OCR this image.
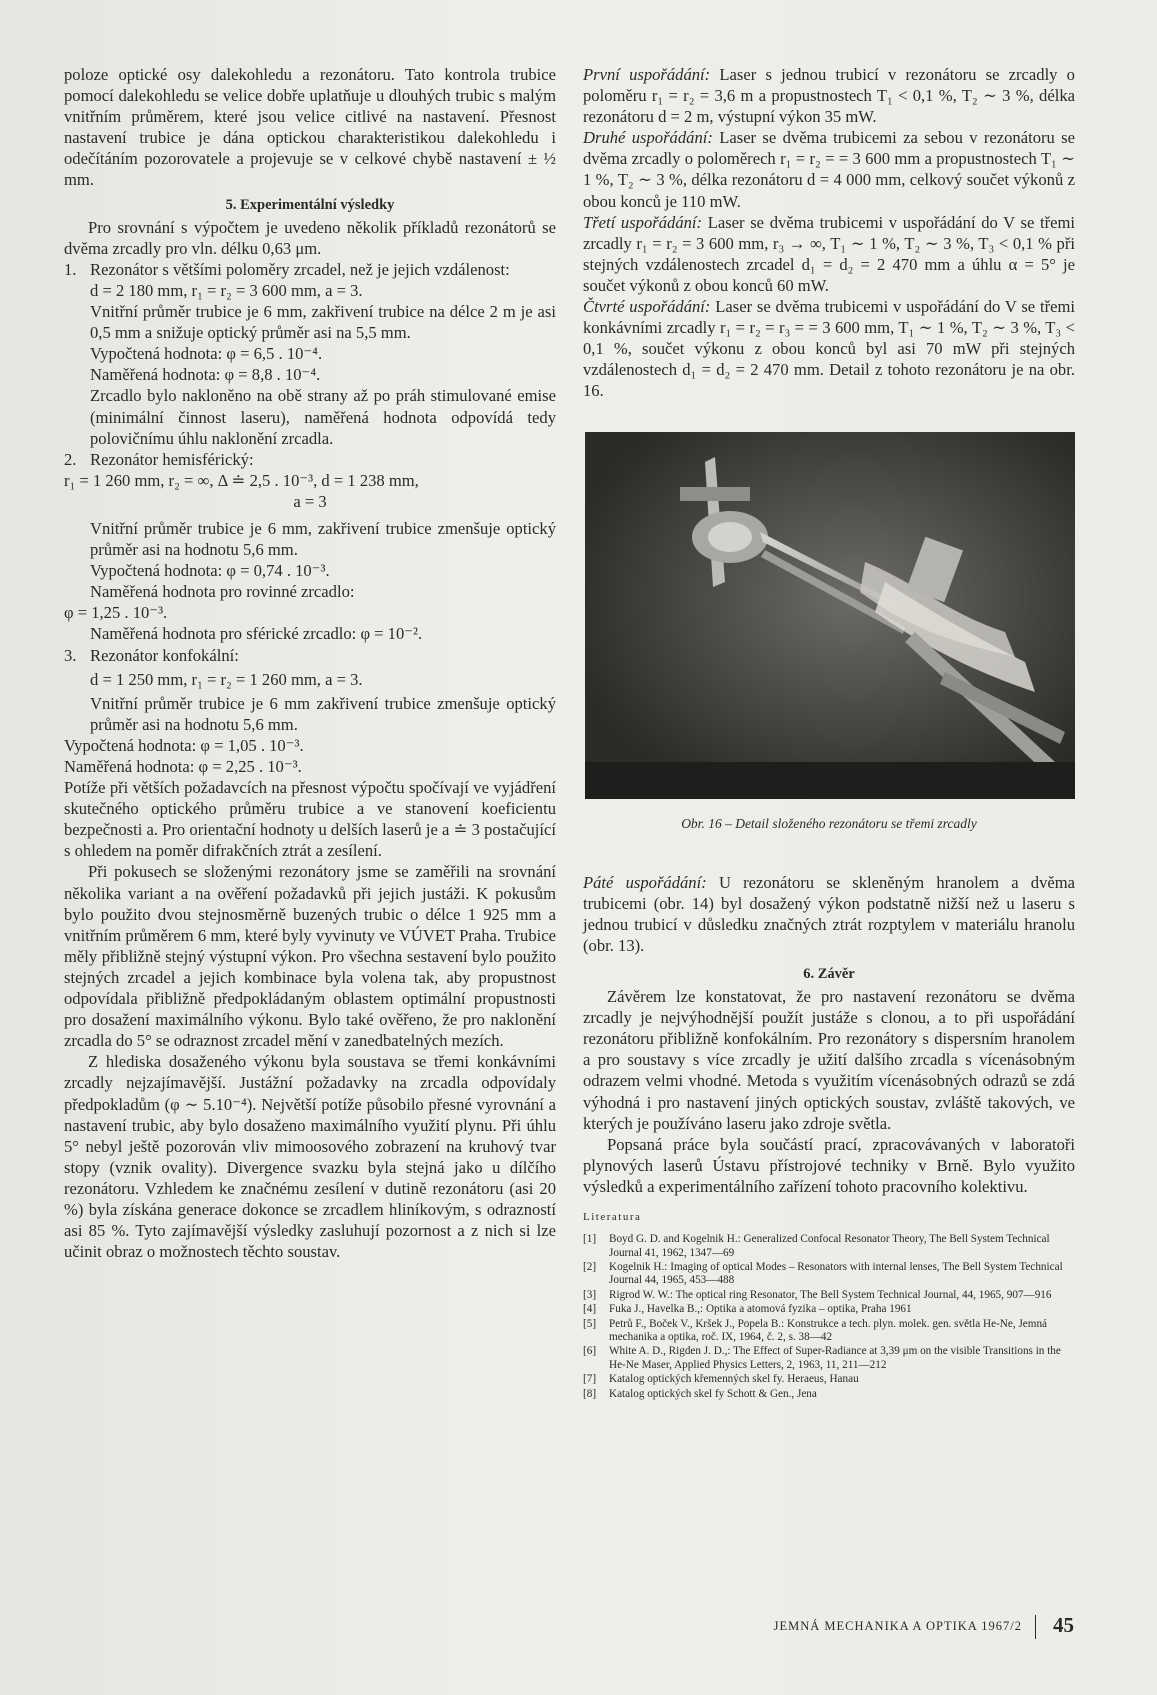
poloze optické osy dalekohledu a rezonátoru. Tato kontrola trubice pomocí dalekohledu se velice dobře uplatňuje u dlouhých trubic s malým vnitřním průměrem, které jsou velice citlivé na nastavení. Přesnost nastavení trubice je dána optickou charakteristikou dalekohledu i odečítáním pozorovatele a projevuje se v celkové chybě nastavení ± ½ mm.

5. Experimentální výsledky

Pro srovnání s výpočtem je uvedeno několik příkladů rezonátorů se dvěma zrcadly pro vln. délku 0,63 μm.

1. Rezonátor s většími poloměry zrcadel, než je jejich vzdálenost:

d = 2 180 mm, r₁ = r₂ = 3 600 mm, a = 3.

Vnitřní průměr trubice je 6 mm, zakřivení trubice na délce 2 m je asi 0,5 mm a snižuje optický průměr asi na 5,5 mm.

Vypočtená hodnota: φ = 6,5 . 10⁻⁴.

Naměřená hodnota: φ = 8,8 . 10⁻⁴.

Zrcadlo bylo nakloněno na obě strany až po práh stimulované emise (minimální činnost laseru), naměřená hodnota odpovídá tedy polovičnímu úhlu naklonění zrcadla.

2. Rezonátor hemisférický:

r₁ = 1 260 mm, r₂ = ∞, Δ ≐ 2,5 . 10⁻³, d = 1 238 mm,

a = 3

Vnitřní průměr trubice je 6 mm, zakřivení trubice zmenšuje optický průměr asi na hodnotu 5,6 mm.

Vypočtená hodnota: φ = 0,74 . 10⁻³.

Naměřená hodnota pro rovinné zrcadlo:

φ = 1,25 . 10⁻³.

Naměřená hodnota pro sférické zrcadlo: φ = 10⁻².

3. Rezonátor konfokální:

d = 1 250 mm, r₁ = r₂ = 1 260 mm, a = 3.

Vnitřní průměr trubice je 6 mm zakřivení trubice zmenšuje optický průměr asi na hodnotu 5,6 mm.

Vypočtená hodnota: φ = 1,05 . 10⁻³.

Naměřená hodnota: φ = 2,25 . 10⁻³.

Potíže při větších požadavcích na přesnost výpočtu spočívají ve vyjádření skutečného optického průměru trubice a ve stanovení koeficientu bezpečnosti a. Pro orientační hodnoty u delších laserů je a ≐ 3 postačující s ohledem na poměr difrakčních ztrát a zesílení.

Při pokusech se složenými rezonátory jsme se zaměřili na srovnání několika variant a na ověření požadavků při jejich justáži. K pokusům bylo použito dvou stejnosměrně buzených trubic o délce 1 925 mm a vnitřním průměrem 6 mm, které byly vyvinuty ve VÚVET Praha. Trubice měly přibližně stejný výstupní výkon. Pro všechna sestavení bylo použito stejných zrcadel a jejich kombinace byla volena tak, aby propustnost odpovídala přibližně předpokládaným oblastem optimální propustnosti pro dosažení maximálního výkonu. Bylo také ověřeno, že pro naklonění zrcadla do 5° se odraznost zrcadel mění v zanedbatelných mezích.

Z hlediska dosaženého výkonu byla soustava se třemi konkávními zrcadly nejzajímavější. Justážní požadavky na zrcadla odpovídaly předpokladům (φ ∼ 5.10⁻⁴). Největší potíže působilo přesné vyrovnání a nastavení trubic, aby bylo dosaženo maximálního využití plynu. Při úhlu 5° nebyl ještě pozorován vliv mimoosového zobrazení na kruhový tvar stopy (vznik ovality). Divergence svazku byla stejná jako u dílčího rezonátoru. Vzhledem ke značnému zesílení v dutině rezonátoru (asi 20 %) byla získána generace dokonce se zrcadlem hliníkovým, s odrazností asi 85 %. Tyto zajímavější výsledky zasluhují pozornost a z nich si lze učinit obraz o možnostech těchto soustav.

První uspořádání: Laser s jednou trubicí v rezonátoru se zrcadly o poloměru r₁ = r₂ = 3,6 m a propustnostech T₁ < 0,1 %, T₂ ∼ 3 %, délka rezonátoru d = 2 m, výstupní výkon 35 mW.

Druhé uspořádání: Laser se dvěma trubicemi za sebou v rezonátoru se dvěma zrcadly o poloměrech r₁ = r₂ = = 3 600 mm a propustnostech T₁ ∼ 1 %, T₂ ∼ 3 %, délka rezonátoru d = 4 000 mm, celkový součet výkonů z obou konců je 110 mW.

Třetí uspořádání: Laser se dvěma trubicemi v uspořádání do V se třemi zrcadly r₁ = r₂ = 3 600 mm, r₃ → ∞, T₁ ∼ 1 %, T₂ ∼ 3 %, T₃ < 0,1 % při stejných vzdálenostech zrcadel d₁ = d₂ = 2 470 mm a úhlu α = 5° je součet výkonů z obou konců 60 mW.

Čtvrté uspořádání: Laser se dvěma trubicemi v uspořádání do V se třemi konkávními zrcadly r₁ = r₂ = r₃ = = 3 600 mm, T₁ ∼ 1 %, T₂ ∼ 3 %, T₃ < 0,1 %, součet výkonu z obou konců byl asi 70 mW při stejných vzdálenostech d₁ = d₂ = 2 470 mm. Detail z tohoto rezonátoru je na obr. 16.

Obr. 16 – Detail složeného rezonátoru se třemi zrcadly

Páté uspořádání: U rezonátoru se skleněným hranolem a dvěma trubicemi (obr. 14) byl dosažený výkon podstatně nižší než u laseru s jednou trubicí v důsledku značných ztrát rozptylem v materiálu hranolu (obr. 13).

6. Závěr

Závěrem lze konstatovat, že pro nastavení rezonátoru se dvěma zrcadly je nejvýhodnější použít justáže s clonou, a to při uspořádání rezonátoru přibližně konfokálním. Pro rezonátory s dispersním hranolem a pro soustavy s více zrcadly je užití dalšího zrcadla s vícenásobným odrazem velmi vhodné. Metoda s využitím vícenásobných odrazů se zdá výhodná i pro nastavení jiných optických soustav, zvláště takových, ve kterých je používáno laseru jako zdroje světla.

Popsaná práce byla součástí prací, zpracovávaných v laboratoři plynových laserů Ústavu přístrojové techniky v Brně. Bylo využito výsledků a experimentálního zařízení tohoto pracovního kolektivu.

Literatura
[1] Boyd G. D. and Kogelnik H.: Generalized Confocal Resonator Theory, The Bell System Technical Journal 41, 1962, 1347—69
[2] Kogelnik H.: Imaging of optical Modes – Resonators with internal lenses, The Bell System Technical Journal 44, 1965, 453—488
[3] Rigrod W. W.: The optical ring Resonator, The Bell System Technical Journal, 44, 1965, 907—916
[4] Fuka J., Havelka B.,: Optika a atomová fyzika – optika, Praha 1961
[5] Petrů F., Boček V., Kršek J., Popela B.: Konstrukce a tech. plyn. molek. gen. světla He-Ne, Jemná mechanika a optika, roč. IX, 1964, č. 2, s. 38—42
[6] White A. D., Rigden J. D.,: The Effect of Super-Radiance at 3,39 μm on the visible Transitions in the He-Ne Maser, Applied Physics Letters, 2, 1963, 11, 211—212
[7] Katalog optických křemenných skel fy. Heraeus, Hanau
[8] Katalog optických skel fy Schott & Gen., Jena
JEMNÁ MECHANIKA A OPTIKA 1967/2 45
